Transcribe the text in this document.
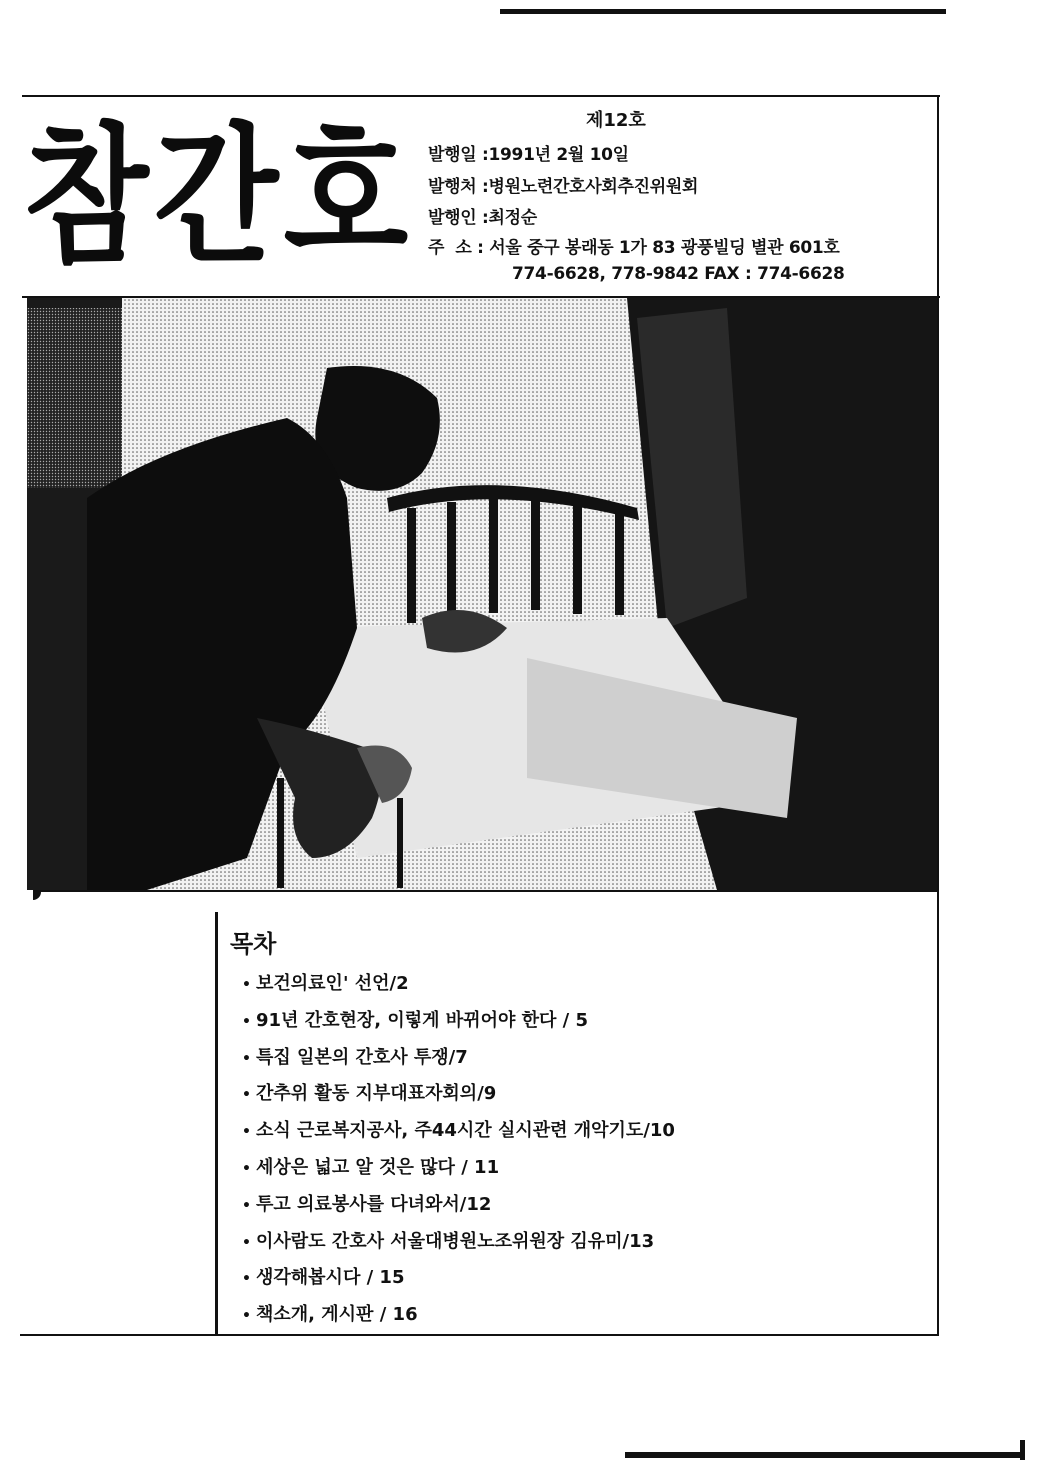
참간호	제12호
발행일 :1991년 2월 10일
발행처 :병원노련간호사회추진위원회
발행인 :최정순
주  소 : 서울 중구 봉래동 1가 83 광풍빌딩 별관 601호
774-6628, 778-9842 FAX : 774-6628
목차
• 보건의료인' 선언/2
• 91년 간호현장, 이렇게 바뀌어야 한다 / 5
• 특집 일본의 간호사 투쟁/7
• 간추위 활동 지부대표자회의/9
• 소식 근로복지공사, 주44시간 실시관련 개악기도/10
• 세상은 넓고 알 것은 많다 / 11
• 투고 의료봉사를 다녀와서/12
• 이사람도 간호사 서울대병원노조위원장 김유미/13
• 생각해봅시다 / 15
• 책소개, 게시판 / 16
